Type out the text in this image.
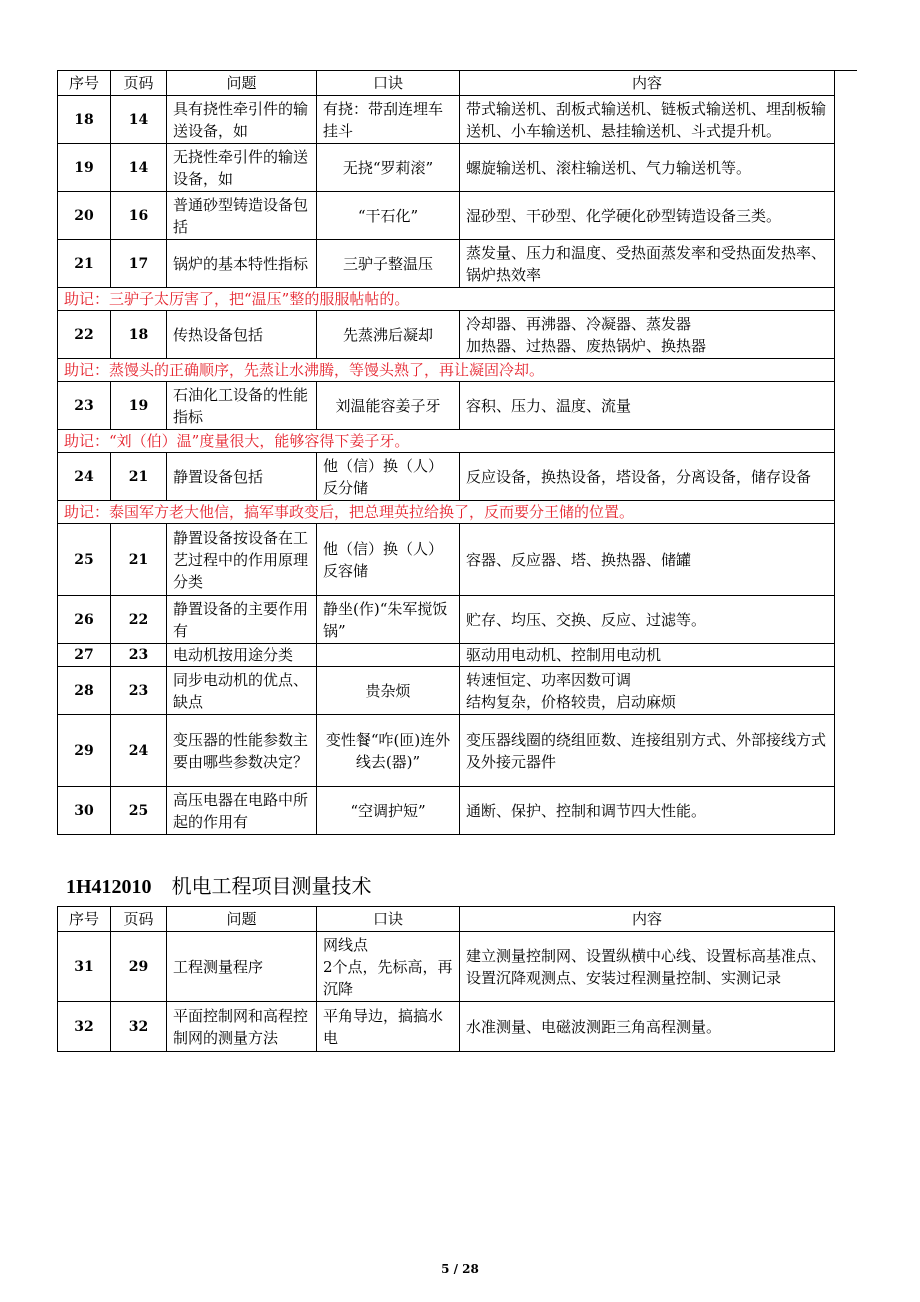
序号	页码	问题	口诀	内容
18	14	具有挠性牵引件的输送设备，如	有挠：带刮连埋车挂斗	带式输送机、刮板式输送机、链板式输送机、埋刮板输送机、小车输送机、悬挂输送机、斗式提升机。
19	14	无挠性牵引件的输送设备，如	无挠“罗莉滚”	螺旋输送机、滚柱输送机、气力输送机等。
20	16	普通砂型铸造设备包括	“干石化”	湿砂型、干砂型、化学硬化砂型铸造设备三类。
21	17	锅炉的基本特性指标	三驴子整温压	蒸发量、压力和温度、受热面蒸发率和受热面发热率、锅炉热效率
助记：三驴子太厉害了，把“温压”整的服服帖帖的。				
22	18	传热设备包括	先蒸沸后凝却	冷却器、再沸器、冷凝器、蒸发器
加热器、过热器、废热锅炉、换热器
助记：蒸馒头的正确顺序，先蒸让水沸腾，等馒头熟了，再让凝固冷却。				
23	19	石油化工设备的性能指标	刘温能容姜子牙	容积、压力、温度、流量
助记：“刘（伯）温”度量很大，能够容得下姜子牙。				
24	21	静置设备包括	他（信）换（人）反分储	反应设备，换热设备，塔设备，分离设备，储存设备
助记：泰国军方老大他信，搞军事政变后，把总理英拉给换了，反而要分王储的位置。				
25	21	静置设备按设备在工艺过程中的作用原理分类	他（信）换（人）反容储	容器、反应器、塔、换热器、储罐
26	22	静置设备的主要作用有	静坐(作)“朱军搅饭锅”	贮存、均压、交换、反应、过滤等。
27	23	电动机按用途分类		驱动用电动机、控制用电动机
28	23	同步电动机的优点、缺点	贵杂烦	转速恒定、功率因数可调
结构复杂，价格较贵，启动麻烦
29	24	变压器的性能参数主要由哪些参数决定？	变性餐“咋(匝)连外线去(器)”	变压器线圈的绕组匝数、连接组别方式、外部接线方式及外接元器件
30	25	高压电器在电路中所起的作用有	“空调护短”	通断、保护、控制和调节四大性能。
1H412010 机电工程项目测量技术
序号	页码	问题	口诀	内容
31	29	工程测量程序	网线点
2个点，先标高，再沉降	建立测量控制网、设置纵横中心线、设置标高基准点、设置沉降观测点、安装过程测量控制、实测记录
32	32	平面控制网和高程控制网的测量方法	平角导边，搞搞水电	水准测量、电磁波测距三角高程测量。
5 / 28
